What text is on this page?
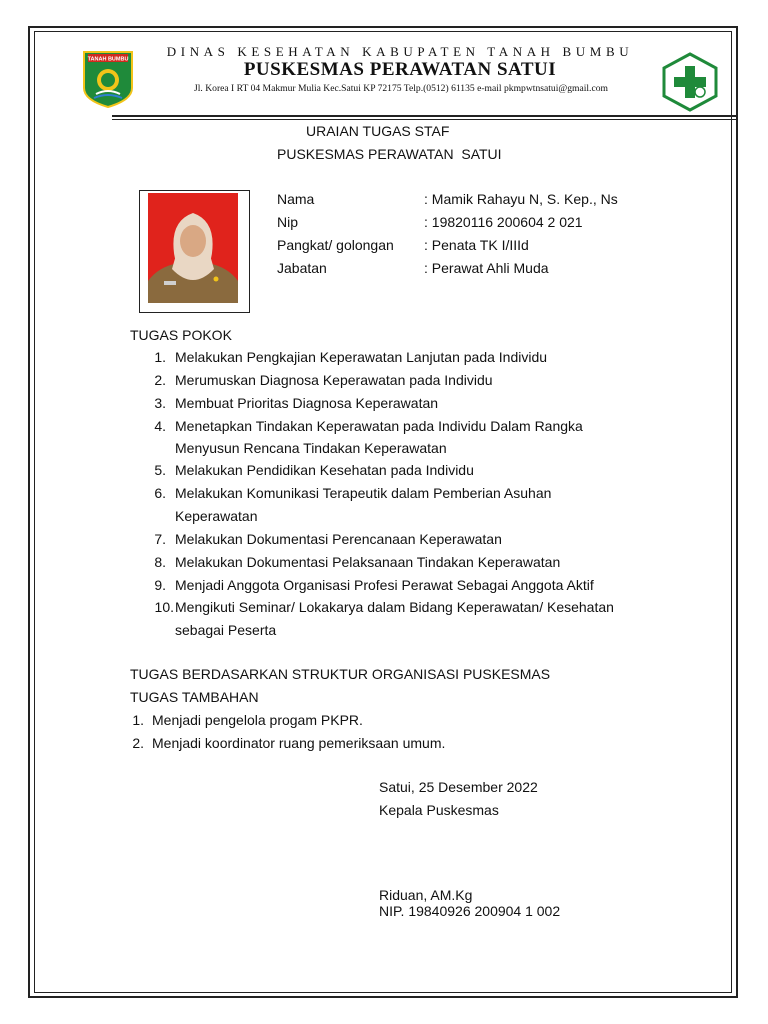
TANAH BUMBU
DINAS KESEHATAN KABUPATEN TANAH BUMBU
PUSKESMAS PERAWATAN SATUI
Jl. Korea I RT 04 Makmur Mulia Kec.Satui KP 72175 Telp.(0512) 61135 e-mail pkmpwtnsatui@gmail.com
URAIAN TUGAS STAF
PUSKESMAS PERAWATAN  SATUI
Nama	: Mamik Rahayu N, S. Kep., Ns
Nip	: 19820116 200604 2 021
Pangkat/ golongan : Penata TK I/IIId
Jabatan	: Perawat Ahli Muda
TUGAS POKOK
1. Melakukan Pengkajian Keperawatan Lanjutan pada Individu
2. Merumuskan Diagnosa Keperawatan pada Individu
3. Membuat Prioritas Diagnosa Keperawatan
4. Menetapkan Tindakan Keperawatan pada Individu Dalam Rangka
Menyusun Rencana Tindakan Keperawatan
5. Melakukan Pendidikan Kesehatan pada Individu
6. Melakukan Komunikasi Terapeutik dalam Pemberian Asuhan
Keperawatan
7. Melakukan Dokumentasi Perencanaan Keperawatan
8. Melakukan Dokumentasi Pelaksanaan Tindakan Keperawatan
9. Menjadi Anggota Organisasi Profesi Perawat Sebagai Anggota Aktif
10. Mengikuti Seminar/ Lokakarya dalam Bidang Keperawatan/ Kesehatan
sebagai Peserta
TUGAS BERDASARKAN STRUKTUR ORGANISASI PUSKESMAS
TUGAS TAMBAHAN
1. Menjadi pengelola progam PKPR.
2. Menjadi koordinator ruang pemeriksaan umum.
Satui, 25 Desember 2022
Kepala Puskesmas
Riduan, AM.Kg
NIP. 19840926 200904 1 002
